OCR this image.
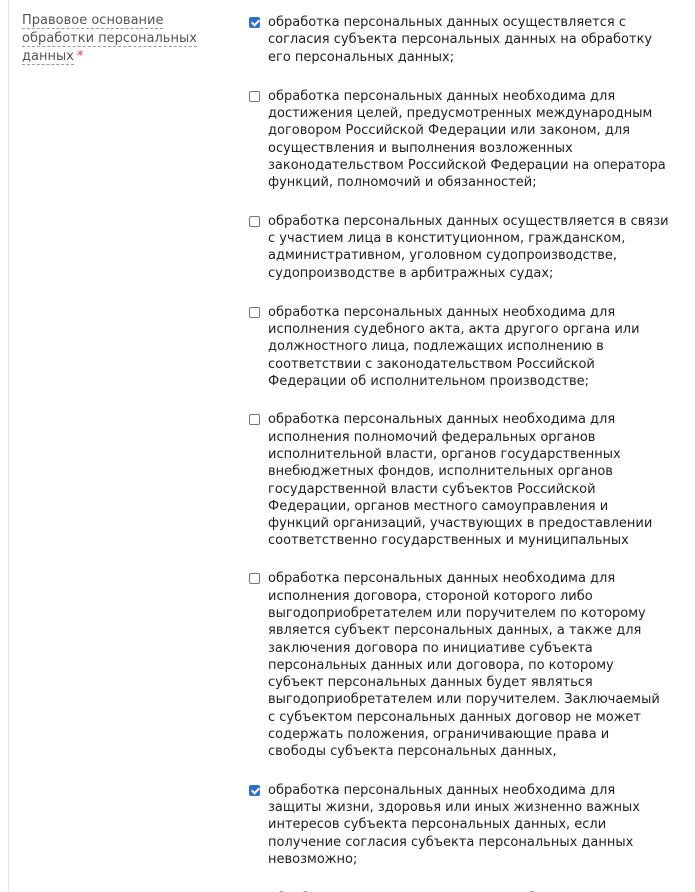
Правовое основание обработки персональных данных *
обработка персональных данных осуществляется с согласия субъекта персональных данных на обработку его персональных данных;
обработка персональных данных необходима для достижения целей, предусмотренных международным договором Российской Федерации или законом, для осуществления и выполнения возложенных законодательством Российской Федерации на оператора функций, полномочий и обязанностей;
обработка персональных данных осуществляется в связи с участием лица в конституционном, гражданском, административном, уголовном судопроизводстве, судопроизводстве в арбитражных судах;
обработка персональных данных необходима для исполнения судебного акта, акта другого органа или должностного лица, подлежащих исполнению в соответствии с законодательством Российской Федерации об исполнительном производстве;
обработка персональных данных необходима для исполнения полномочий федеральных органов исполнительной власти, органов государственных внебюджетных фондов, исполнительных органов государственной власти субъектов Российской Федерации, органов местного самоуправления и функций организаций, участвующих в предоставлении соответственно государственных и муниципальных
обработка персональных данных необходима для исполнения договора, стороной которого либо выгодоприобретателем или поручителем по которому является субъект персональных данных, а также для заключения договора по инициативе субъекта персональных данных или договора, по которому субъект персональных данных будет являться выгодоприобретателем или поручителем. Заключаемый с субъектом персональных данных договор не может содержать положения, ограничивающие права и свободы субъекта персональных данных,
обработка персональных данных необходима для защиты жизни, здоровья или иных жизненно важных интересов субъекта персональных данных, если получение согласия субъекта персональных данных невозможно;
